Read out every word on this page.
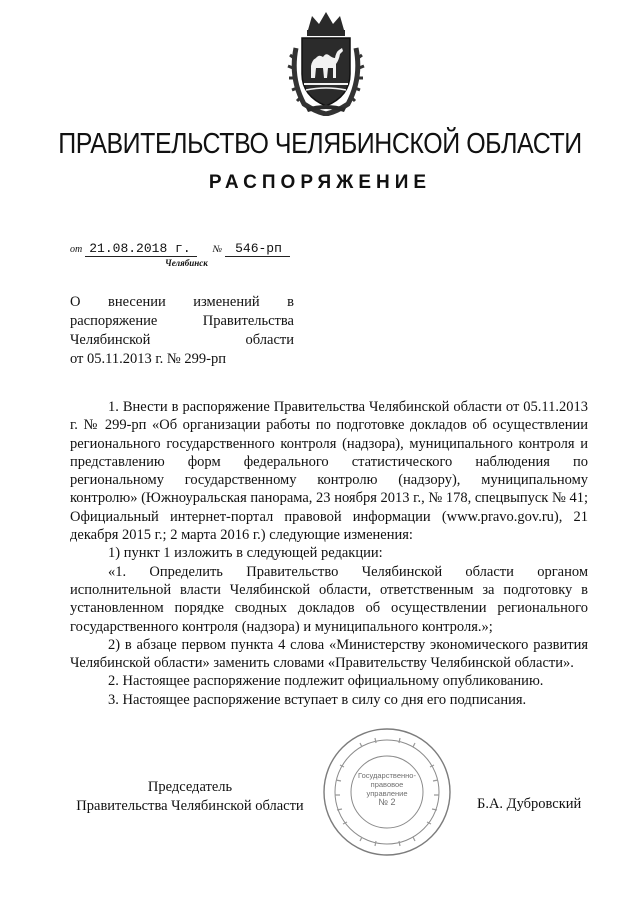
ПРАВИТЕЛЬСТВО ЧЕЛЯБИНСКОЙ ОБЛАСТИ
РАСПОРЯЖЕНИЕ
от 21.08.2018 г. № 546-рп
Челябинск
О внесении изменений в
распоряжение Правительства
Челябинской области
от 05.11.2013 г. № 299-рп

1. Внести в распоряжение Правительства Челябинской области от 05.11.2013 г. № 299-рп «Об организации работы по подготовке докладов об осуществлении регионального государственного контроля (надзора), муниципального контроля и представлению форм федерального статистического наблюдения по региональному государственному контролю (надзору), муниципальному контролю» (Южноуральская панорама, 23 ноября 2013 г., № 178, спецвыпуск № 41; Официальный интернет-портал правовой информации (www.pravo.gov.ru), 21 декабря 2015 г.; 2 марта 2016 г.) следующие изменения:

1) пункт 1 изложить в следующей редакции:

«1. Определить Правительство Челябинской области органом исполнительной власти Челябинской области, ответственным за подготовку в установленном порядке сводных докладов об осуществлении регионального государственного контроля (надзора) и муниципального контроля.»;

2) в абзаце первом пункта 4 слова «Министерству экономического развития Челябинской области» заменить словами «Правительству Челябинской области».

2. Настоящее распоряжение подлежит официальному опубликованию.

3. Настоящее распоряжение вступает в силу со дня его подписания.

Председатель
Правительства Челябинской области
Государственно-
правовое
управление
№ 2	Б.А. Дубровский
